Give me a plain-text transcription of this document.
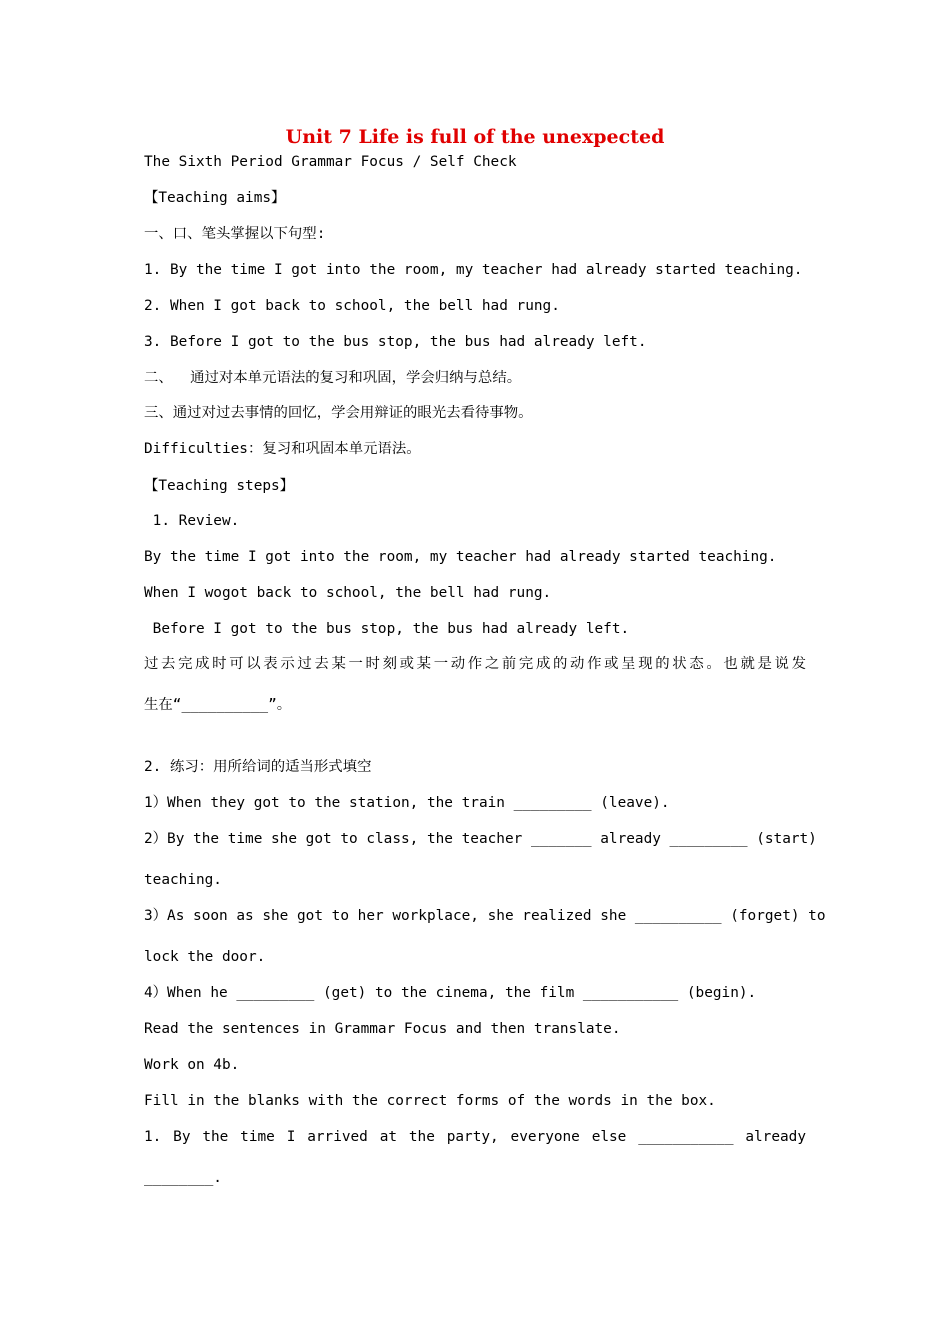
Unit 7 Life is full of the unexpected
The Sixth Period Grammar Focus / Self Check
【Teaching aims】
一、口、笔头掌握以下句型:
1. By the time I got into the room, my teacher had already started teaching.
2. When I got back to school, the bell had rung.
3. Before I got to the bus stop, the bus had already left.
二、  通过对本单元语法的复习和巩固，学会归纳与总结。
三、通过对过去事情的回忆，学会用辩证的眼光去看待事物。
Difficulties：复习和巩固本单元语法。
【Teaching steps】
1. Review.
By the time I got into the room, my teacher had already started teaching.
When I wogot back to school, the bell had rung.
Before I got to the bus stop, the bus had already left.
过去完成时可以表示过去某一时刻或某一动作之前完成的动作或呈现的状态。也就是说发
生在“__________”。
2. 练习：用所给词的适当形式填空
1）When they got to the station, the train _________ (leave).
2）By the time she got to class, the teacher _______ already _________ (start)
teaching.
3）As soon as she got to her workplace, she realized she __________ (forget) to
lock the door.
4）When he _________ (get) to the cinema, the film ___________ (begin).
Read the sentences in Grammar Focus and then translate.
Work on 4b.
Fill in the blanks with the correct forms of the words in the box.
1. By the time I arrived at the party, everyone else ___________ already
________.
